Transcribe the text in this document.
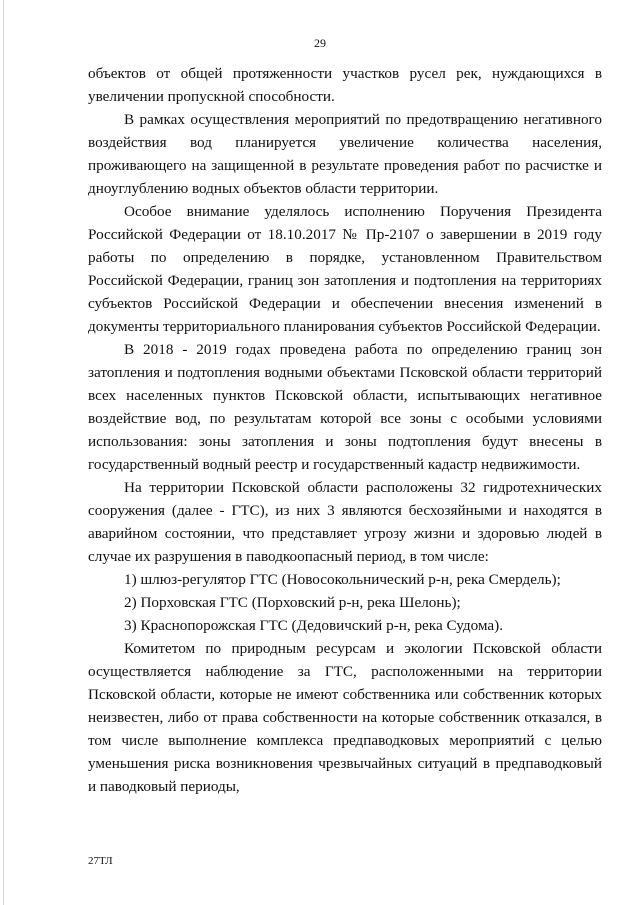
29

объектов от общей протяженности участков русел рек, нуждающихся в увеличении пропускной способности.

В рамках осуществления мероприятий по предотвращению негативного воздействия вод планируется увеличение количества населения, проживающего на защищенной в результате проведения работ по расчистке и дноуглублению водных объектов области территории.

Особое внимание уделялось исполнению Поручения Президента Российской Федерации от 18.10.2017 № Пр-2107 о завершении в 2019 году работы по определению в порядке, установленном Правительством Российской Федерации, границ зон затопления и подтопления на территориях субъектов Российской Федерации и обеспечении внесения изменений в документы территориального планирования субъектов Российской Федерации.

В 2018 - 2019 годах проведена работа по определению границ зон затопления и подтопления водными объектами Псковской области территорий всех населенных пунктов Псковской области, испытывающих негативное воздействие вод, по результатам которой все зоны с особыми условиями использования: зоны затопления и зоны подтопления будут внесены в государственный водный реестр и государственный кадастр недвижимости.

На территории Псковской области расположены 32 гидротехнических сооружения (далее - ГТС), из них 3 являются бесхозяйными и находятся в аварийном состоянии, что представляет угрозу жизни и здоровью людей в случае их разрушения в паводкоопасный период, в том числе:

1) шлюз-регулятор ГТС (Новосокольнический р-н, река Смердель);

2) Порховская ГТС (Порховский р-н, река Шелонь);

3) Краснопорожская ГТС (Дедовичский р-н, река Судома).

Комитетом по природным ресурсам и экологии Псковской области осуществляется наблюдение за ГТС, расположенными на территории Псковской области, которые не имеют собственника или собственник которых неизвестен, либо от права собственности на которые собственник отказался, в том числе выполнение комплекса предпаводковых мероприятий с целью уменьшения риска возникновения чрезвычайных ситуаций в предпаводковый и паводковый периоды,

27ТЛ
